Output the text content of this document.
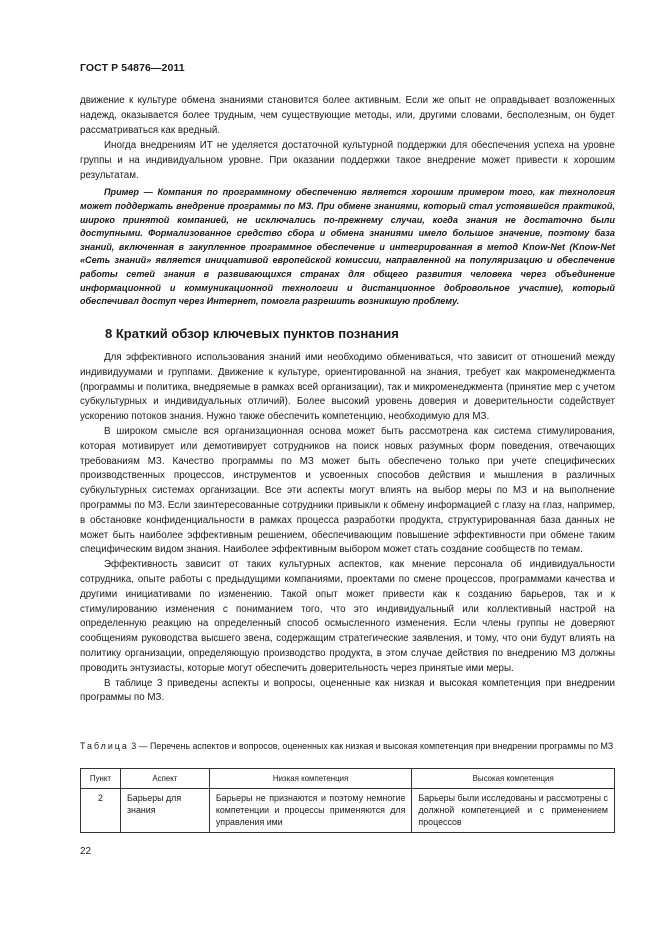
ГОСТ Р 54876—2011

движение к культуре обмена знаниями становится более активным. Если же опыт не оправдывает возложенных надежд, оказывается более трудным, чем существующие методы, или, другими словами, бесполезным, он будет рассматриваться как вредный.

Иногда внедрениям ИТ не уделяется достаточной культурной поддержки для обеспечения успеха на уровне группы и на индивидуальном уровне. При оказании поддержки такое внедрение может привести к хорошим результатам.

Пример — Компания по программному обеспечению является хорошим примером того, как технология может поддержать внедрение программы по МЗ. При обмене знаниями, который стал устоявшейся практикой, широко принятой компанией, не исключались по-прежнему случаи, когда знания не достаточно были доступными. Формализованное средство сбора и обмена знаниями имело большое значение, поэтому база знаний, включенная в закупленное программное обеспечение и интегрированная в метод Know-Net (Know-Net «Сеть знаний» является инициативой европейской комиссии, направленной на популяризацию и обеспечение работы сетей знания в развивающихся странах для общего развития человека через объединение информационной и коммуникационной технологии и дистанционное добровольное участие), который обеспечивал доступ через Интернет, помогла разрешить возникшую проблему.

8 Краткий обзор ключевых пунктов познания

Для эффективного использования знаний ими необходимо обмениваться, что зависит от отношений между индивидуумами и группами. Движение к культуре, ориентированной на знания, требует как макроменеджмента (программы и политика, внедряемые в рамках всей организации), так и микроменеджмента (принятие мер с учетом субкультурных и индивидуальных отличий). Более высокий уровень доверия и доверительности содействует ускорению потоков знания. Нужно также обеспечить компетенцию, необходимую для МЗ.

В широком смысле вся организационная основа может быть рассмотрена как система стимулирования, которая мотивирует или демотивирует сотрудников на поиск новых разумных форм поведения, отвечающих требованиям МЗ. Качество программы по МЗ может быть обеспечено только при учете специфических производственных процессов, инструментов и усвоенных способов действия и мышления в различных субкультурных системах организации. Все эти аспекты могут влиять на выбор меры по МЗ и на выполнение программы по МЗ. Если заинтересованные сотрудники привыкли к обмену информацией с глазу на глаз, например, в обстановке конфиденциальности в рамках процесса разработки продукта, структурированная база данных не может быть наиболее эффективным решением, обеспечивающим повышение эффективности при обмене таким специфическим видом знания. Наиболее эффективным выбором может стать создание сообществ по темам.

Эффективность зависит от таких культурных аспектов, как мнение персонала об индивидуальности сотрудника, опыте работы с предыдущими компаниями, проектами по смене процессов, программами качества и другими инициативами по изменению. Такой опыт может привести как к созданию барьеров, так и к стимулированию изменения с пониманием того, что это индивидуальный или коллективный настрой на определенную реакцию на определенный способ осмысленного изменения. Если члены группы не доверяют сообщениям руководства высшего звена, содержащим стратегические заявления, и тому, что они будут влиять на политику организации, определяющую производство продукта, в этом случае действия по внедрению МЗ должны проводить энтузиасты, которые могут обеспечить доверительность через принятые ими меры.

В таблице 3 приведены аспекты и вопросы, оцененные как низкая и высокая компетенция при внедрении программы по МЗ.

Таблица 3 — Перечень аспектов и вопросов, оцененных как низкая и высокая компетенция при внедрении программы по МЗ
Пункт	Аспект	Низкая компетенция	Высокая компетенция
2	Барьеры для знания	Барьеры не признаются и поэтому немногие компетенции и процессы применяются для управления ими	Барьеры были исследованы и рассмотрены с должной компетенцией и с применением процессов
22
